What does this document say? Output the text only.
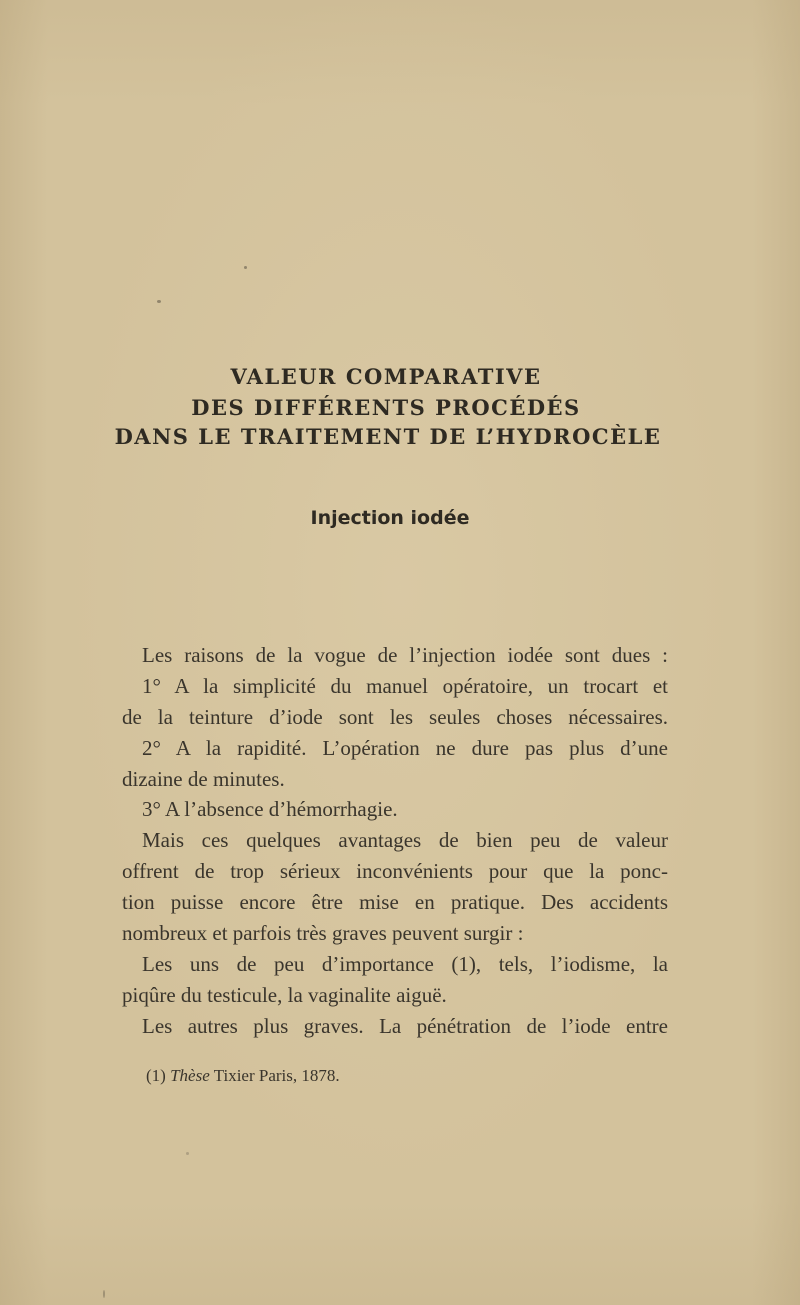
VALEUR COMPARATIVE
DES DIFFÉRENTS PROCÉDÉS
DANS LE TRAITEMENT DE L’HYDROCÈLE
Injection iodée
Les raisons de la vogue de l’injection iodée sont dues :
1° A la simplicité du manuel opératoire, un trocart et
de la teinture d’iode sont les seules choses nécessaires.
2° A la rapidité. L’opération ne dure pas plus d’une
dizaine de minutes.
3° A l’absence d’hémorrhagie.
Mais ces quelques avantages de bien peu de valeur
offrent de trop sérieux inconvénients pour que la ponc-
tion puisse encore être mise en pratique. Des accidents
nombreux et parfois très graves peuvent surgir :
Les uns de peu d’importance (1), tels, l’iodisme, la
piqûre du testicule, la vaginalite aiguë.
Les autres plus graves. La pénétration de l’iode entre

(1) Thèse Tixier Paris, 1878.
